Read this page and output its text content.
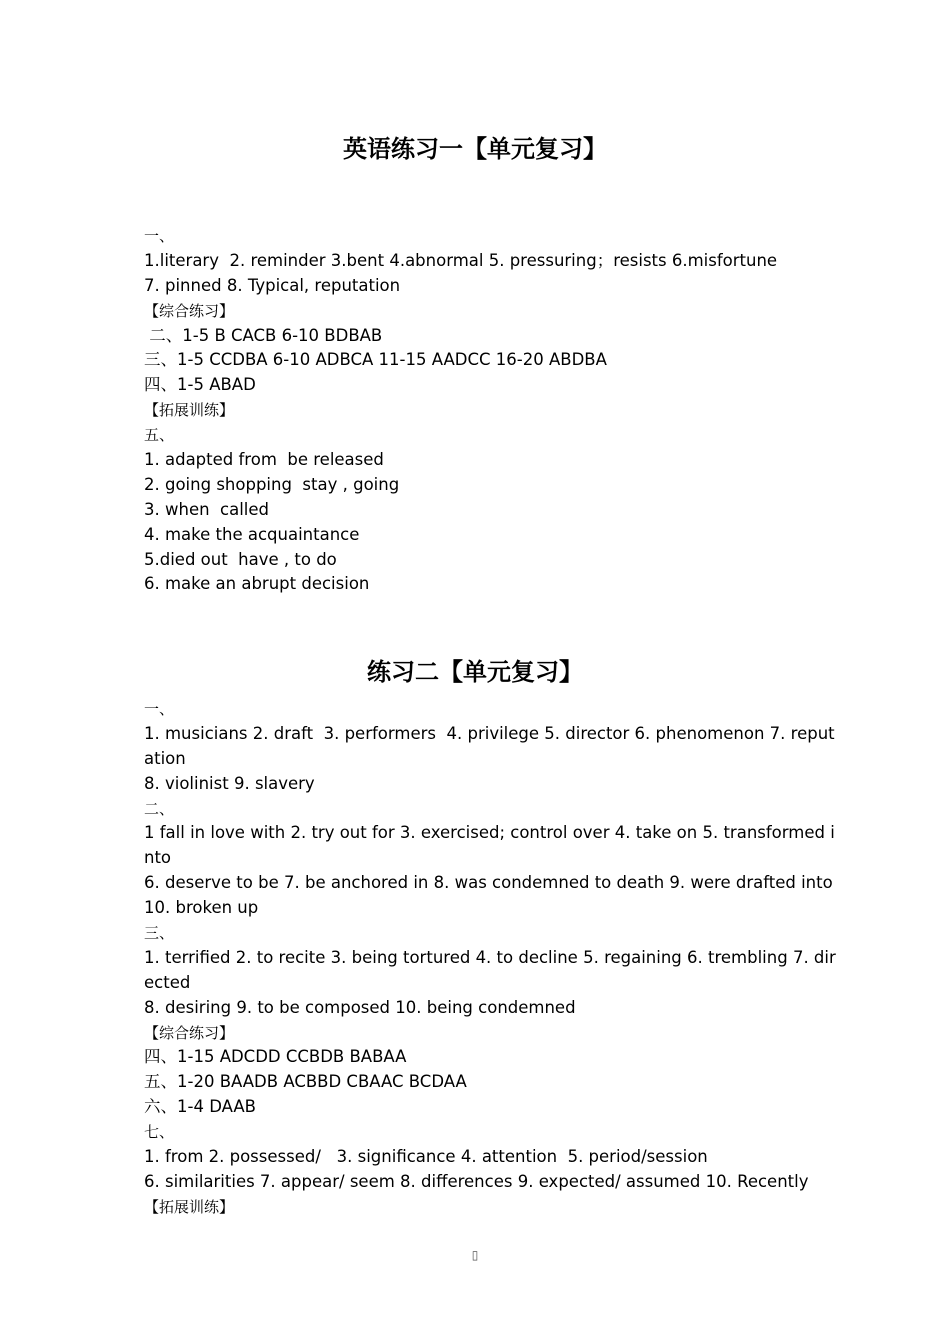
英语练习一【单元复习】
一、
1.literary  2. reminder 3.bent 4.abnormal 5. pressuring；resists 6.misfortune
7. pinned 8. Typical, reputation
【综合练习】
二、1-5 B CACB 6-10 BDBAB
三、1-5 CCDBA 6-10 ADBCA 11-15 AADCC 16-20 ABDBA
四、1-5 ABAD
【拓展训练】
五、
1. adapted from  be released
2. going shopping  stay , going
3. when  called
4. make the acquaintance
5.died out  have , to do
6. make an abrupt decision
练习二【单元复习】
一、
1. musicians 2. draft  3. performers  4. privilege 5. director 6. phenomenon 7. reput
ation
8. violinist 9. slavery
二、
1 fall in love with 2. try out for 3. exercised; control over 4. take on 5. transformed i
nto
6. deserve to be 7. be anchored in 8. was condemned to death 9. were drafted into
10. broken up
三、
1. terrified 2. to recite 3. being tortured 4. to decline 5. regaining 6. trembling 7. dir
ected
8. desiring 9. to be composed 10. being condemned
【综合练习】
四、1-15 ADCDD CCBDB BABAA
五、1-20 BAADB ACBBD CBAAC BCDAA
六、1-4 DAAB
七、
1. from 2. possessed/   3. significance 4. attention  5. period/session
6. similarities 7. appear/ seem 8. differences 9. expected/ assumed 10. Recently
【拓展训练】
▯
